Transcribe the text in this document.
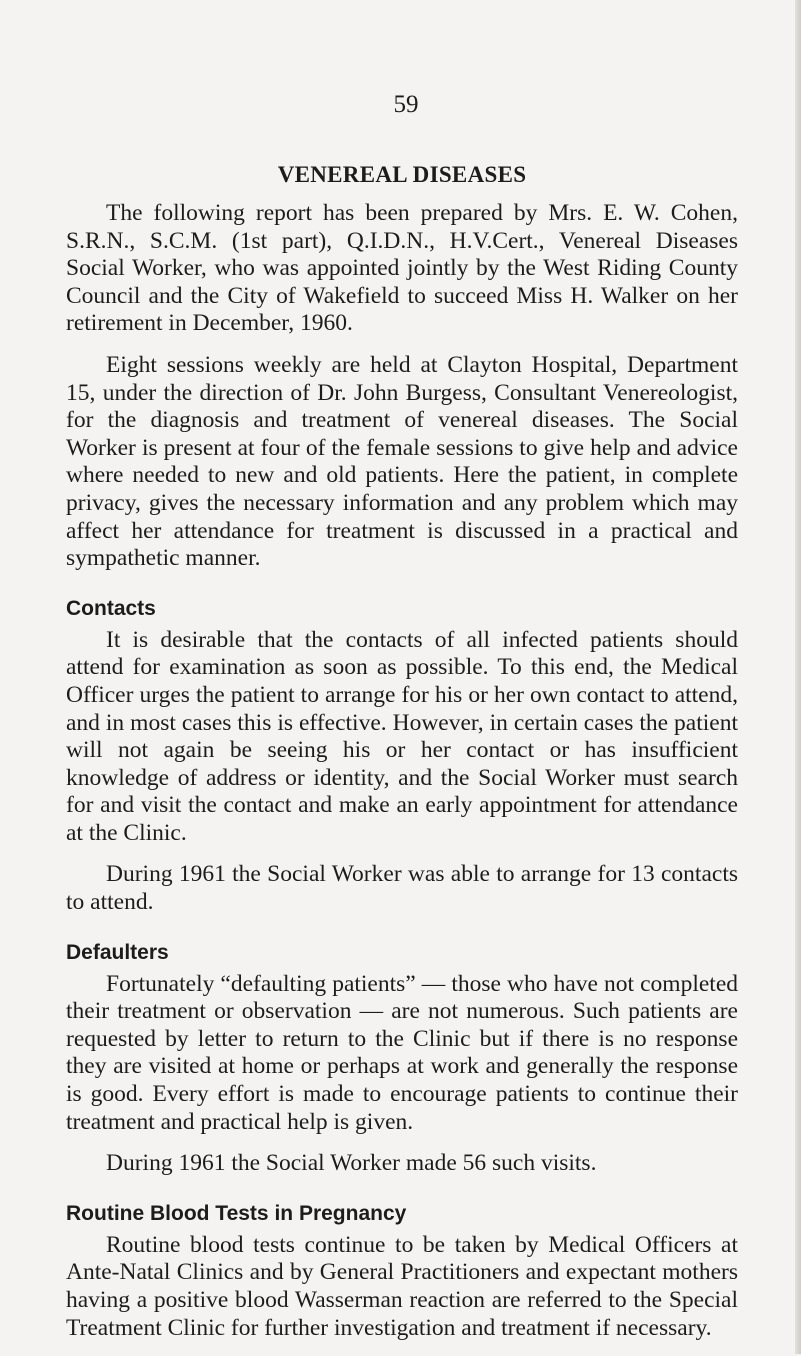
59
VENEREAL DISEASES

The following report has been prepared by Mrs. E. W. Cohen, S.R.N., S.C.M. (1st part), Q.I.D.N., H.V.Cert., Venereal Diseases Social Worker, who was appointed jointly by the West Riding County Council and the City of Wakefield to succeed Miss H. Walker on her retirement in December, 1960.

Eight sessions weekly are held at Clayton Hospital, Department 15, under the direction of Dr. John Burgess, Consultant Venereologist, for the diagnosis and treatment of venereal diseases. The Social Worker is present at four of the female sessions to give help and advice where needed to new and old patients. Here the patient, in complete privacy, gives the necessary information and any problem which may affect her attendance for treatment is discussed in a practical and sympathetic manner.

Contacts

It is desirable that the contacts of all infected patients should attend for examination as soon as possible. To this end, the Medical Officer urges the patient to arrange for his or her own contact to attend, and in most cases this is effective. However, in certain cases the patient will not again be seeing his or her contact or has insufficient knowledge of address or identity, and the Social Worker must search for and visit the contact and make an early appointment for attendance at the Clinic.

During 1961 the Social Worker was able to arrange for 13 contacts to attend.

Defaulters

Fortunately “defaulting patients” — those who have not completed their treatment or observation — are not numerous. Such patients are requested by letter to return to the Clinic but if there is no response they are visited at home or perhaps at work and generally the response is good. Every effort is made to encourage patients to continue their treatment and practical help is given.

During 1961 the Social Worker made 56 such visits.

Routine Blood Tests in Pregnancy

Routine blood tests continue to be taken by Medical Officers at Ante-Natal Clinics and by General Practitioners and expectant mothers having a positive blood Wasserman reaction are referred to the Special Treatment Clinic for further investigation and treatment if necessary.
